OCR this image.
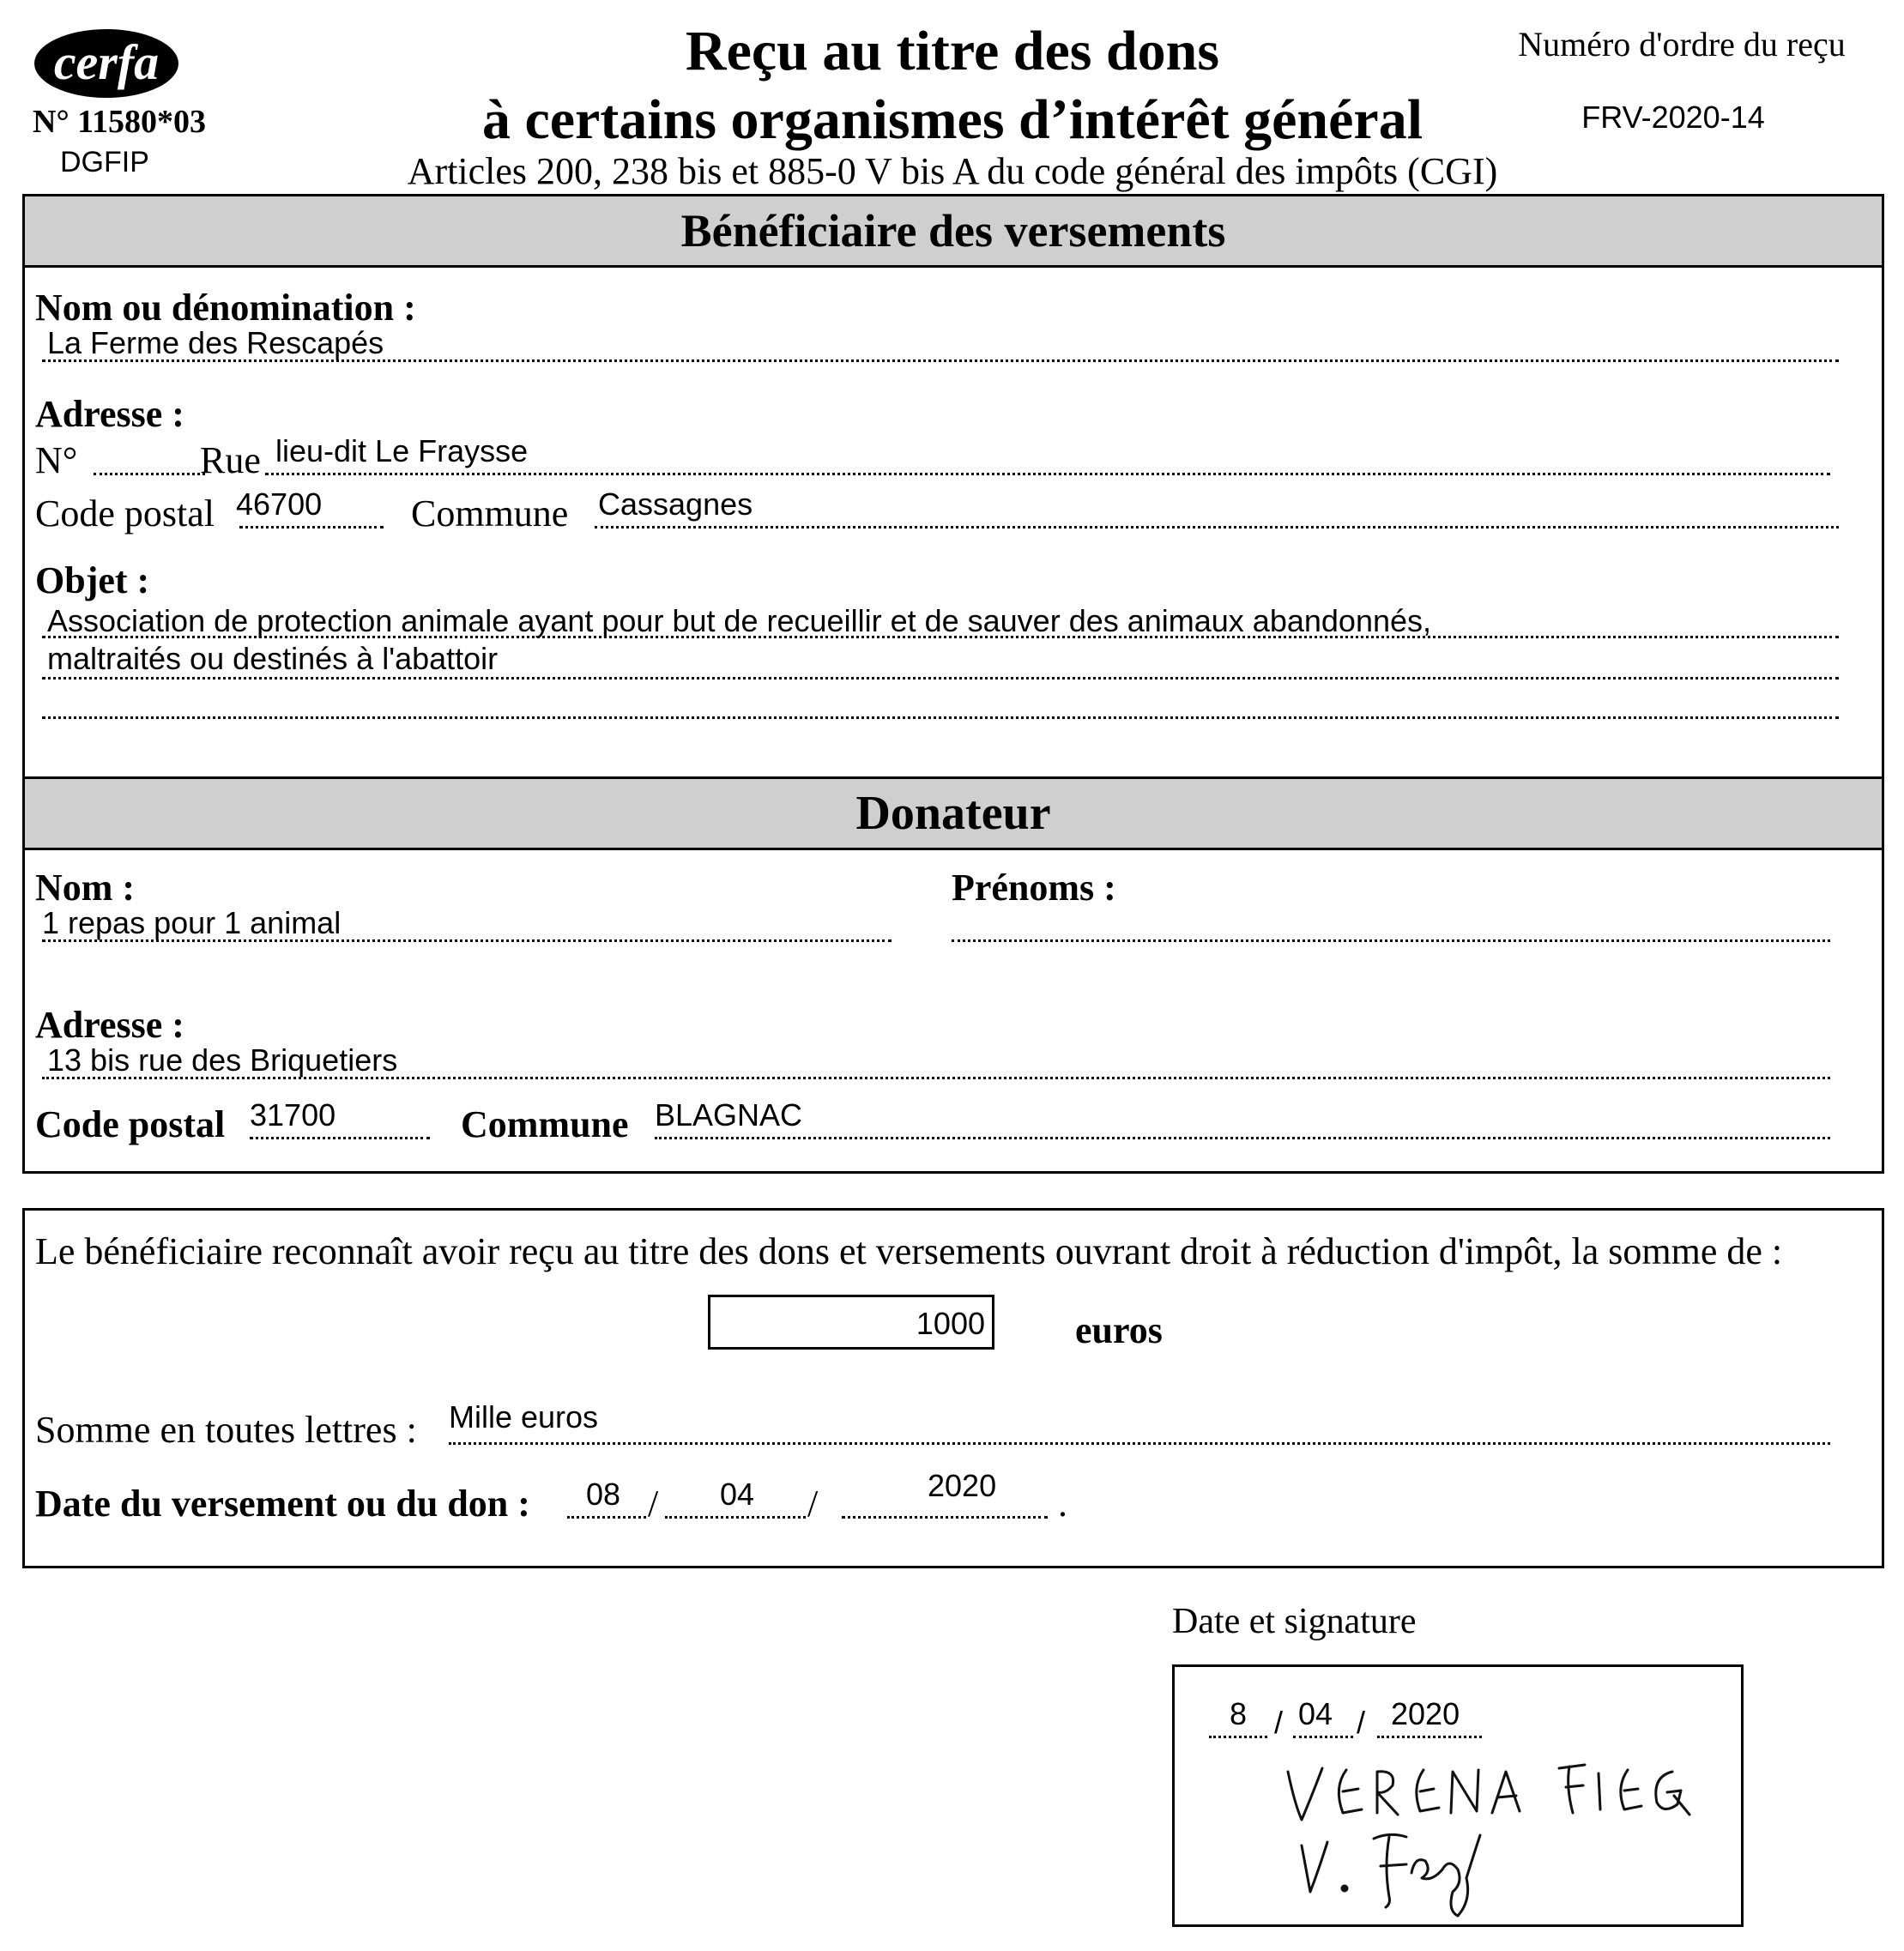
cerfa
N° 11580*03
DGFIP
Reçu au titre des dons
à certains organismes d’intérêt général
Articles 200, 238 bis et 885-0 V bis A du code général des impôts (CGI)
Numéro d'ordre du reçu
FRV-2020-14
Bénéficiaire des versements
Nom ou dénomination :
La Ferme des Rescapés
Adresse :
N°	Rue lieu-dit Le Fraysse
Code postal 46700 Commune Cassagnes
Objet :
Association de protection animale ayant pour but de recueillir et de sauver des animaux abandonnés,
maltraités ou destinés à l'abattoir
Donateur
Nom :
1 repas pour 1 animal
Prénoms :
Adresse :
13 bis rue des Briquetiers
Code postal 31700	Commune BLAGNAC
Le bénéficiaire reconnaît avoir reçu au titre des dons et versements ouvrant droit à réduction d'impôt, la somme de :
1000 euros
Somme en toutes lettres : Mille euros
Date du versement ou du don : 08 / 04 /	2020 .
Date et signature
8 / 04 / 2020
